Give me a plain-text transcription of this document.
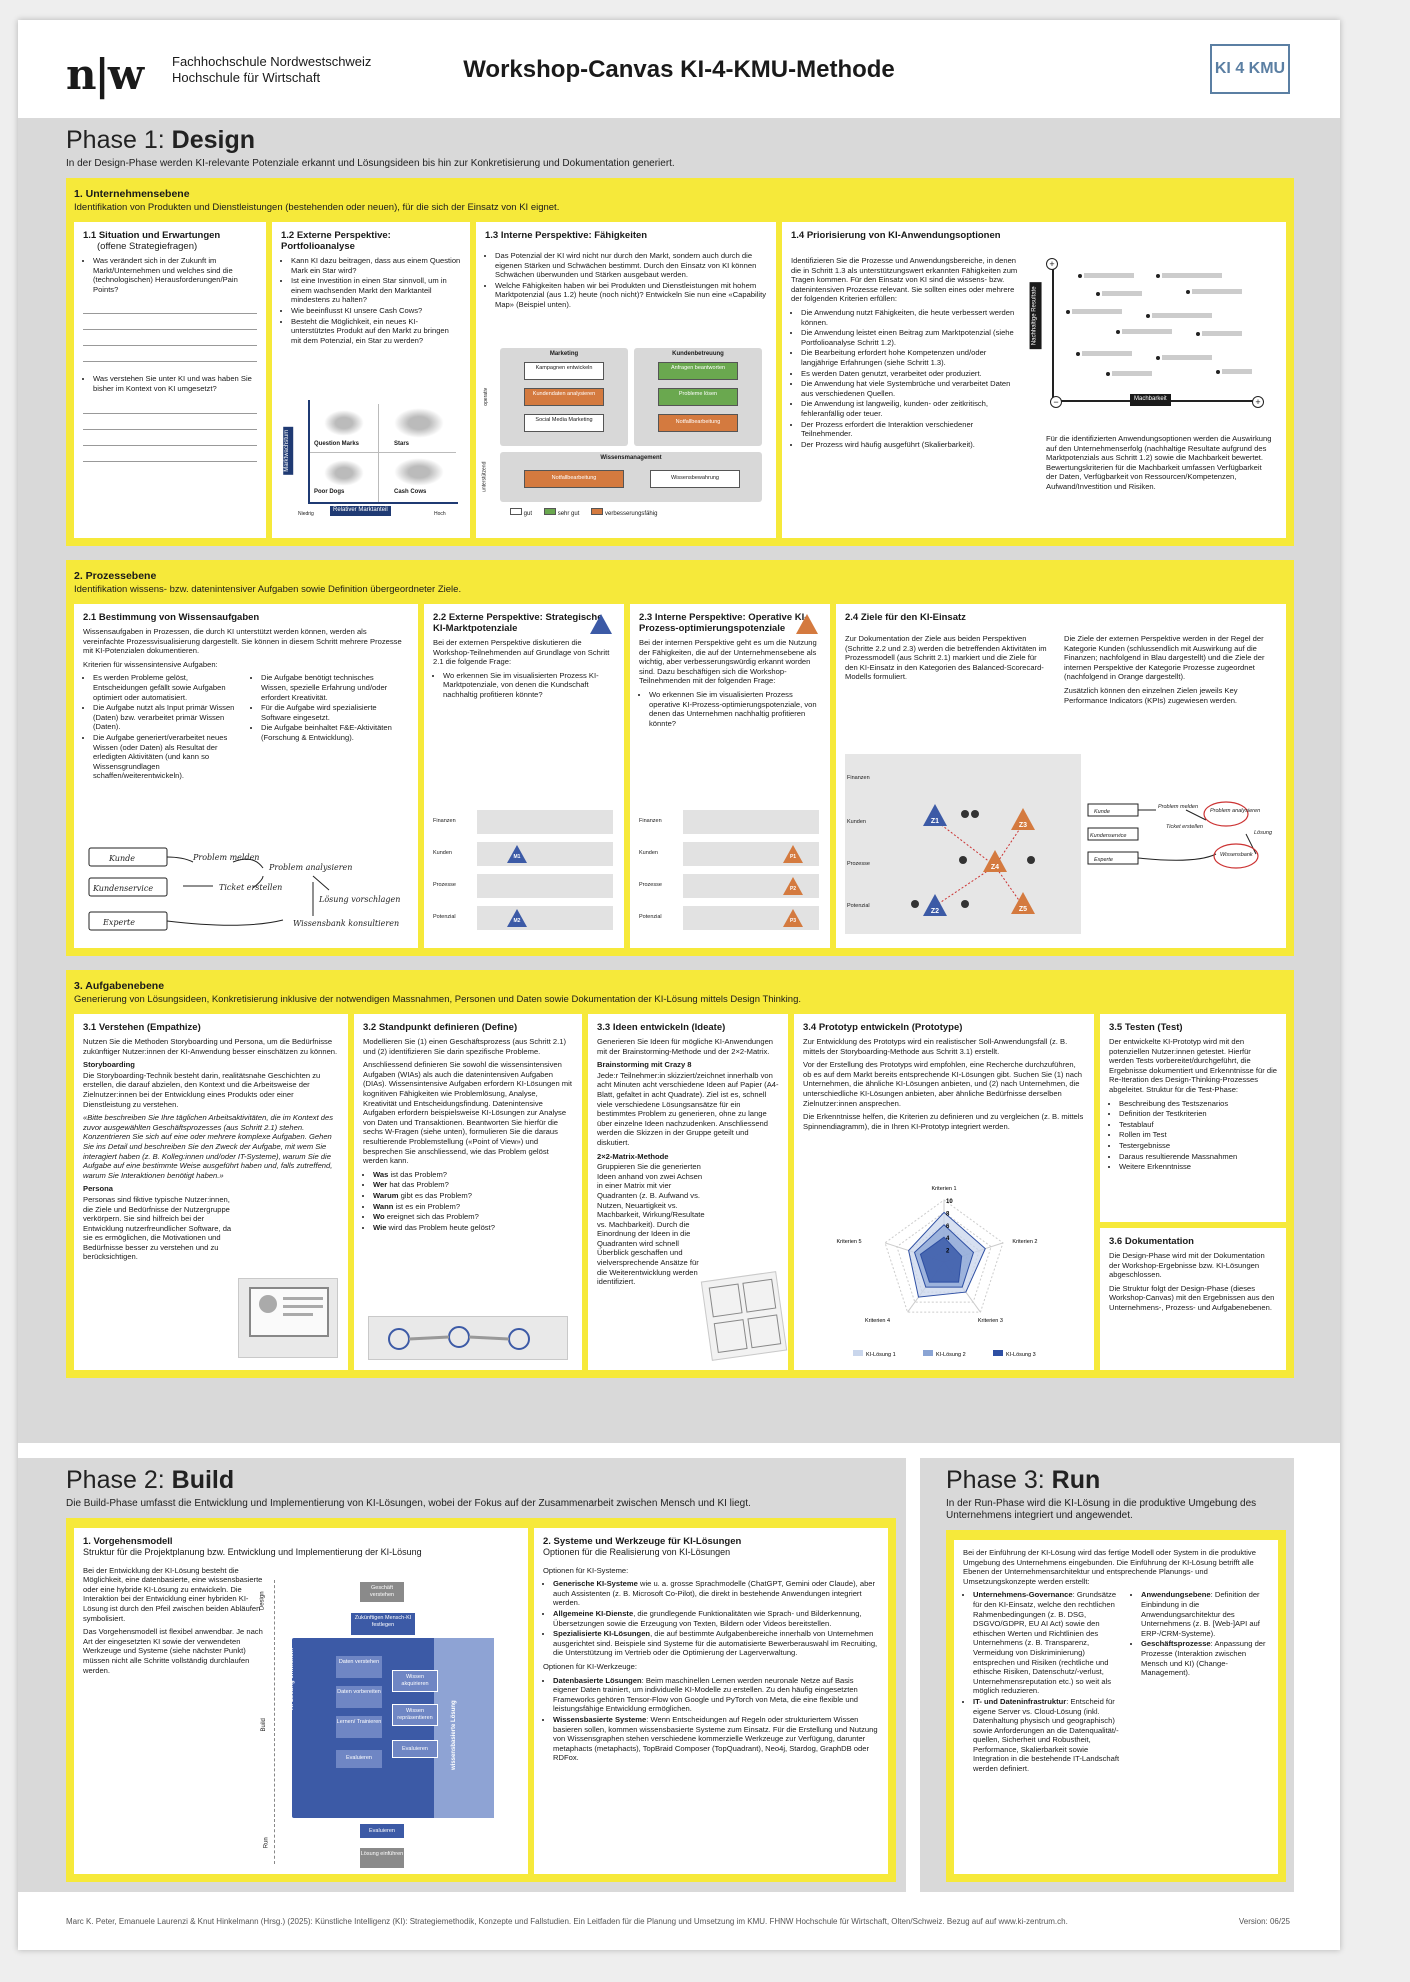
n|w Fachhochschule Nordwestschweiz
Hochschule für Wirtschaft	Workshop-Canvas KI-4-KMU-Methode	KI 4 KMU
Phase 1: Design
In der Design-Phase werden KI-relevante Potenziale erkannt und Lösungsideen bis hin zur Konkretisierung und Dokumentation generiert.
1. Unternehmensebene
Identifikation von Produkten und Dienstleistungen (bestehenden oder neuen), für die sich der Einsatz von KI eignet.
1.1 Situation und Erwartungen
(offene Strategiefragen)
• Was verändert sich in der Zukunft im Markt/Unternehmen und welches sind die (technologischen) Herausforderungen/Pain Points?
• Was verstehen Sie unter KI und was haben Sie bisher im Kontext von KI umgesetzt?
1.2 Externe Perspektive: Portfolioanalyse
• Kann KI dazu beitragen, dass aus einem Question Mark ein Star wird?
• Ist eine Investition in einen Star sinnvoll, um in einem wachsenden Markt den Marktanteil mindestens zu halten?
• Wie beeinflusst KI unsere Cash Cows?
• Besteht die Möglichkeit, ein neues KI-unterstütztes Produkt auf den Markt zu bringen mit dem Potenzial, ein Star zu werden?
Question Marks	Stars
Poor Dogs	Cash Cows
Relativer Marktanteil
Marktwachstum
Niedrig	Hoch
1.3 Interne Perspektive: Fähigkeiten
• Das Potenzial der KI wird nicht nur durch den Markt, sondern auch durch die eigenen Stärken und Schwächen bestimmt. Durch den Einsatz von KI können Schwächen überwunden und Stärken ausgebaut werden.
• Welche Fähigkeiten haben wir bei Produkten und Dienstleistungen mit hohem Marktpotenzial (aus 1.2) heute (noch nicht)? Entwickeln Sie nun eine «Capability Map» (Beispiel unten).
Marketing	Kundenbetreuung
Wissensmanagement
Kampagnen entwickeln
Kundendaten analysieren
Social Media Marketing
Anfragen beantworten
Probleme lösen
Notfallbearbeitung
Notfallbearbeitung	Wissensbewahrung
operativ
unterstützend
gut	sehr gut	verbesserungsfähig
1.4 Priorisierung von KI-Anwendungsoptionen

Identifizieren Sie die Prozesse und Anwendungsbereiche, in denen die in Schritt 1.3 als unterstützungswert erkannten Fähigkeiten zum Tragen kommen. Für den Einsatz von KI sind die wissens- bzw. datenintensiven Prozesse relevant. Sie sollten eines oder mehrere der folgenden Kriterien erfüllen:

• Die Anwendung nutzt Fähigkeiten, die heute verbessert werden können.
• Die Anwendung leistet einen Beitrag zum Marktpotenzial (siehe Portfolioanalyse Schritt 1.2).
• Die Bearbeitung erfordert hohe Kompetenzen und/oder langjährige Erfahrungen (siehe Schritt 1.3).
• Es werden Daten genutzt, verarbeitet oder produziert.
• Die Anwendung hat viele Systembrüche und verarbeitet Daten aus verschiedenen Quellen.
• Die Anwendung ist langweilig, kunden- oder zeitkritisch, fehleranfällig oder teuer.
• Der Prozess erfordert die Interaktion verschiedener Teilnehmender.
• Der Prozess wird häufig ausgeführt (Skalierbarkeit).
+
−	+
Nachhaltige Resultate
Machbarkeit
Für die identifizierten Anwendungsoptionen werden die Auswirkung auf den Unternehmenserfolg (nachhaltige Resultate aufgrund des Marktpotenzials aus Schritt 1.2) sowie die Machbarkeit bewertet. Bewertungskriterien für die Machbarkeit umfassen Verfügbarkeit der Daten, Verfügbarkeit von Ressourcen/Kompetenzen, Aufwand/Investition und Risiken.
2. Prozessebene
Identifikation wissens- bzw. datenintensiver Aufgaben sowie Definition übergeordneter Ziele.
2.1 Bestimmung von Wissensaufgaben

Wissensaufgaben in Prozessen, die durch KI unterstützt werden können, werden als vereinfachte Prozessvisualisierung dargestellt. Sie können in diesem Schritt mehrere Prozesse mit KI-Potenzialen dokumentieren.

Kriterien für wissensintensive Aufgaben:

• Es werden Probleme gelöst, Entscheidungen gefällt sowie Aufgaben optimiert oder automatisiert.
• Die Aufgabe nutzt als Input primär Wissen (Daten) bzw. verarbeitet primär Wissen (Daten).
• Die Aufgabe generiert/verarbeitet neues Wissen (oder Daten) als Resultat der erledigten Aktivitäten (und kann so Wissensgrundlagen schaffen/weiterentwickeln).
• Die Aufgabe benötigt technisches Wissen, spezielle Erfahrung und/oder erfordert Kreativität.
• Für die Aufgabe wird spezialisierte Software eingesetzt.
• Die Aufgabe beinhaltet F&E-Aktivitäten (Forschung & Entwicklung).
Kunde
Kundenservice
Experte
Problem melden
Ticket erstellen
Problem analysieren
Lösung vorschlagen
Wissensbank konsultieren
2.2 Externe Perspektive: Strategische KI-Marktpotenziale

Bei der externen Perspektive diskutieren die Workshop-Teilnehmenden auf Grundlage von Schritt 2.1 die folgende Frage:

• Wo erkennen Sie im visualisierten Prozess KI-Marktpotenziale, von denen die Kundschaft nachhaltig profitieren könnte?
Finanzen
Kunden
M1
Prozesse
Potenzial
M2
2.3 Interne Perspektive: Operative KI-Prozess-optimierungspotenziale

Bei der internen Perspektive geht es um die Nutzung der Fähigkeiten, die auf der Unternehmensebene als wichtig, aber verbesserungswürdig erkannt worden sind. Dazu beschäftigen sich die Workshop-Teilnehmenden mit der folgenden Frage:

• Wo erkennen Sie im visualisierten Prozess operative KI-Prozess-optimierungspotenziale, von denen das Unternehmen nachhaltig profitieren könnte?
Finanzen
Kunden
P1
Prozesse
P2
Potenzial
P3
2.4 Ziele für den KI-Einsatz
Zur Dokumentation der Ziele aus beiden Perspektiven (Schritte 2.2 und 2.3) werden die betreffenden Aktivitäten im Prozessmodell (aus Schritt 2.1) markiert und die Ziele für den KI-Einsatz in den Kategorien des Balanced-Scorecard-Modells formuliert.

Die Ziele der externen Perspektive werden in der Regel der Kategorie Kunden (schlussendlich mit Auswirkung auf die Finanzen; nachfolgend in Blau dargestellt) und die Ziele der internen Perspektive der Kategorie Prozesse zugeordnet (nachfolgend in Orange dargestellt).

Zusätzlich können den einzelnen Zielen jeweils Key Performance Indicators (KPIs) zugewiesen werden.

Finanzen
Kunden
Prozesse
Potenzial
Z1
Z2
Z3
Z4
Z5
Kunde
Kundenservice
Experte
Problem melden
Problem analysieren
Ticket erstellen
Wissensbank
Lösung
3. Aufgabenebene
Generierung von Lösungsideen, Konkretisierung inklusive der notwendigen Massnahmen, Personen und Daten sowie Dokumentation der KI-Lösung mittels Design Thinking.
3.1 Verstehen (Empathize)

Nutzen Sie die Methoden Storyboarding und Persona, um die Bedürfnisse zukünftiger Nutzer:innen der KI-Anwendung besser einschätzen zu können.

Storyboarding

Die Storyboarding-Technik besteht darin, realitätsnahe Geschichten zu erstellen, die darauf abzielen, den Kontext und die Arbeitsweise der Zielnutzer:innen bei der Entwicklung eines Produkts oder einer Dienstleistung zu verstehen.

«Bitte beschreiben Sie Ihre täglichen Arbeitsaktivitäten, die im Kontext des zuvor ausgewählten Geschäftsprozesses (aus Schritt 2.1) stehen. Konzentrieren Sie sich auf eine oder mehrere komplexe Aufgaben. Gehen Sie ins Detail und beschreiben Sie den Zweck der Aufgabe, mit wem Sie interagiert haben (z. B. Kolleg:innen und/oder IT-Systeme), warum Sie die Aufgabe auf eine bestimmte Weise ausgeführt haben und, falls zutreffend, warum Sie Interaktionen benötigt haben.»

Persona

Personas sind fiktive typische Nutzer:innen, die Ziele und Bedürfnisse der Nutzergruppe verkörpern. Sie sind hilfreich bei der Entwicklung nutzerfreundlicher Software, da sie es ermöglichen, die Motivationen und Bedürfnisse besser zu verstehen und zu berücksichtigen.

3.2 Standpunkt definieren (Define)

Modellieren Sie (1) einen Geschäftsprozess (aus Schritt 2.1) und (2) identifizieren Sie darin spezifische Probleme.

Anschliessend definieren Sie sowohl die wissensintensiven Aufgaben (WIAs) als auch die datenintensiven Aufgaben (DIAs). Wissensintensive Aufgaben erfordern KI-Lösungen mit kognitiven Fähigkeiten wie Problemlösung, Analyse, Kreativität und Entscheidungsfindung. Datenintensive Aufgaben erfordern beispielsweise KI-Lösungen zur Analyse von Daten und Transaktionen. Beantworten Sie hierfür die sechs W-Fragen (siehe unten), formulieren Sie die daraus resultierende Problemstellung («Point of View») und besprechen Sie anschliessend, wie das Problem gelöst werden kann.

• Was ist das Problem?
• Wer hat das Problem?
• Warum gibt es das Problem?
• Wann ist es ein Problem?
• Wo ereignet sich das Problem?
• Wie wird das Problem heute gelöst?
3.3 Ideen entwickeln (Ideate)

Generieren Sie Ideen für mögliche KI-Anwendungen mit der Brainstorming-Methode und der 2×2-Matrix.

Brainstorming mit Crazy 8

Jede:r Teilnehmer:in skizziert/zeichnet innerhalb von acht Minuten acht verschiedene Ideen auf Papier (A4-Blatt, gefaltet in acht Quadrate). Ziel ist es, schnell viele verschiedene Lösungsansätze für ein bestimmtes Problem zu generieren, ohne zu lange über einzelne Ideen nachzudenken. Anschliessend werden die Skizzen in der Gruppe geteilt und diskutiert.

2×2-Matrix-Methode

Gruppieren Sie die generierten Ideen anhand von zwei Achsen in einer Matrix mit vier Quadranten (z. B. Aufwand vs. Nutzen, Neuartigkeit vs. Machbarkeit, Wirkung/Resultate vs. Machbarkeit). Durch die Einordnung der Ideen in die Quadranten wird schnell Überblick geschaffen und vielversprechende Ansätze für die Weiterentwicklung werden identifiziert.

3.4 Prototyp entwickeln (Prototype)

Zur Entwicklung des Prototyps wird ein realistischer Soll-Anwendungsfall (z. B. mittels der Storyboarding-Methode aus Schritt 3.1) erstellt.

Vor der Erstellung des Prototyps wird empfohlen, eine Recherche durchzuführen, ob es auf dem Markt bereits entsprechende KI-Lösungen gibt. Suchen Sie (1) nach Unternehmen, die ähnliche KI-Lösungen anbieten, und (2) nach Unternehmen, die unterschiedliche KI-Lösungen anbieten, aber ähnliche Bedürfnisse derselben Zielnutzer:innen ansprechen.

Die Erkenntnisse helfen, die Kriterien zu definieren und zu vergleichen (z. B. mittels Spinnendiagramm), die in Ihren KI-Prototyp integriert werden.

2
4
6
8
10
Kriterien 1
Kriterien 2
Kriterien 3
Kriterien 4
Kriterien 5
KI-Lösung 1	KI-Lösung 2	KI-Lösung 3
3.5 Testen (Test)

Der entwickelte KI-Prototyp wird mit den potenziellen Nutzer:innen getestet. Hierfür werden Tests vorbereitet/durchgeführt, die Ergebnisse dokumentiert und Erkenntnisse für die Re-Iteration des Design-Thinking-Prozesses abgeleitet. Struktur für die Test-Phase:

• Beschreibung des Testszenarios
• Definition der Testkriterien
• Testablauf
• Rollen im Test
• Testergebnisse
• Daraus resultierende Massnahmen
• Weitere Erkenntnisse
3.6 Dokumentation

Die Design-Phase wird mit der Dokumentation der Workshop-Ergebnisse bzw. KI-Lösungen abgeschlossen.

Die Struktur folgt der Design-Phase (dieses Workshop-Canvas) mit den Ergebnissen aus den Unternehmens-, Prozess- und Aufgabenebenen.

Phase 2: Build
Die Build-Phase umfasst die Entwicklung und Implementierung von KI-Lösungen, wobei der Fokus auf der Zusammenarbeit zwischen Mensch und KI liegt.
1. Vorgehensmodell

Struktur für die Projektplanung bzw. Entwicklung und Implementierung der KI-Lösung

Bei der Entwicklung der KI-Lösung besteht die Möglichkeit, eine datenbasierte, eine wissensbasierte oder eine hybride KI-Lösung zu entwickeln. Die Interaktion bei der Entwicklung einer hybriden KI-Lösung ist durch den Pfeil zwischen beiden Abläufen symbolisiert.

Das Vorgehensmodell ist flexibel anwendbar. Je nach Art der eingesetzten KI sowie der verwendeten Werkzeuge und Systeme (siehe nächster Punkt) müssen nicht alle Schritte vollständig durchlaufen werden.

Design
Build
Run
Geschäft verstehen
Zukünftigen Mensch-KI festlegen
Daten verstehen
Daten vorbereiten
Lernen/ Trainieren
Evaluieren
Wissen akquirieren
Wissen repräsentieren
Evaluieren
KI-Lösung entwickeln
wissensbasierte Lösung
Evaluieren
Lösung einführen
2. Systeme und Werkzeuge für KI-Lösungen

Optionen für die Realisierung von KI-Lösungen

Optionen für KI-Systeme:

• Generische KI-Systeme wie u. a. grosse Sprachmodelle (ChatGPT, Gemini oder Claude), aber auch Assistenten (z. B. Microsoft Co-Pilot), die direkt in bestehende Anwendungen integriert werden.
• Allgemeine KI-Dienste, die grundlegende Funktionalitäten wie Sprach- und Bilderkennung, Übersetzungen sowie die Erzeugung von Texten, Bildern oder Videos bereitstellen.
• Spezialisierte KI-Lösungen, die auf bestimmte Aufgabenbereiche innerhalb von Unternehmen ausgerichtet sind. Beispiele sind Systeme für die automatisierte Bewerberauswahl im Recruiting, die Unterstützung im Vertrieb oder die Optimierung der Lagerverwaltung.

Optionen für KI-Werkzeuge:

• Datenbasierte Lösungen: Beim maschinellen Lernen werden neuronale Netze auf Basis eigener Daten trainiert, um individuelle KI-Modelle zu erstellen. Zu den häufig eingesetzten Frameworks gehören Tensor-Flow von Google und PyTorch von Meta, die eine flexible und leistungsfähige Entwicklung ermöglichen.
• Wissensbasierte Systeme: Wenn Entscheidungen auf Regeln oder strukturiertem Wissen basieren sollen, kommen wissensbasierte Systeme zum Einsatz. Für die Erstellung und Nutzung von Wissensgraphen stehen verschiedene kommerzielle Werkzeuge zur Verfügung, darunter metaphacts (metaphacts), TopBraid Composer (TopQuadrant), Neo4j, Stardog, GraphDB oder RDFox.
Phase 3: Run
In der Run-Phase wird die KI-Lösung in die produktive Umgebung des Unternehmens integriert und angewendet.

Bei der Einführung der KI-Lösung wird das fertige Modell oder System in die produktive Umgebung des Unternehmens eingebunden. Die Einführung der KI-Lösung betrifft alle Ebenen der Unternehmensarchitektur und entsprechende Planungs- und Umsetzungskonzepte werden erstellt:

• Unternehmens-Governance: Grundsätze für den KI-Einsatz, welche den rechtlichen Rahmenbedingungen (z. B. DSG, DSGVO/GDPR, EU AI Act) sowie den ethischen Werten und Richtlinien des Unternehmens (z. B. Transparenz, Vermeidung von Diskriminierung) entsprechen und Risiken (rechtliche und ethische Risiken, Datenschutz/-verlust, Unternehmensreputation etc.) so weit als möglich reduzieren.
• IT- und Dateninfrastruktur: Entscheid für eigene Server vs. Cloud-Lösung (inkl. Datenhaltung physisch und geographisch) sowie Anforderungen an die Datenqualität/-quellen, Sicherheit und Robustheit, Performance, Skalierbarkeit sowie Integration in die bestehende IT-Landschaft werden definiert.
• Anwendungsebene: Definition der Einbindung in die Anwendungsarchitektur des Unternehmens (z. B. [Web-]API auf ERP-/CRM-Systeme).
• Geschäftsprozesse: Anpassung der Prozesse (Interaktion zwischen Mensch und KI) (Change-Management).
Marc K. Peter, Emanuele Laurenzi & Knut Hinkelmann (Hrsg.) (2025): Künstliche Intelligenz (KI): Strategiemethodik, Konzepte und Fallstudien. Ein Leitfaden für die Planung und Umsetzung im KMU. FHNW Hochschule für Wirtschaft, Olten/Schweiz. Bezug auf auf www.ki-zentrum.ch.	Version: 06/25
